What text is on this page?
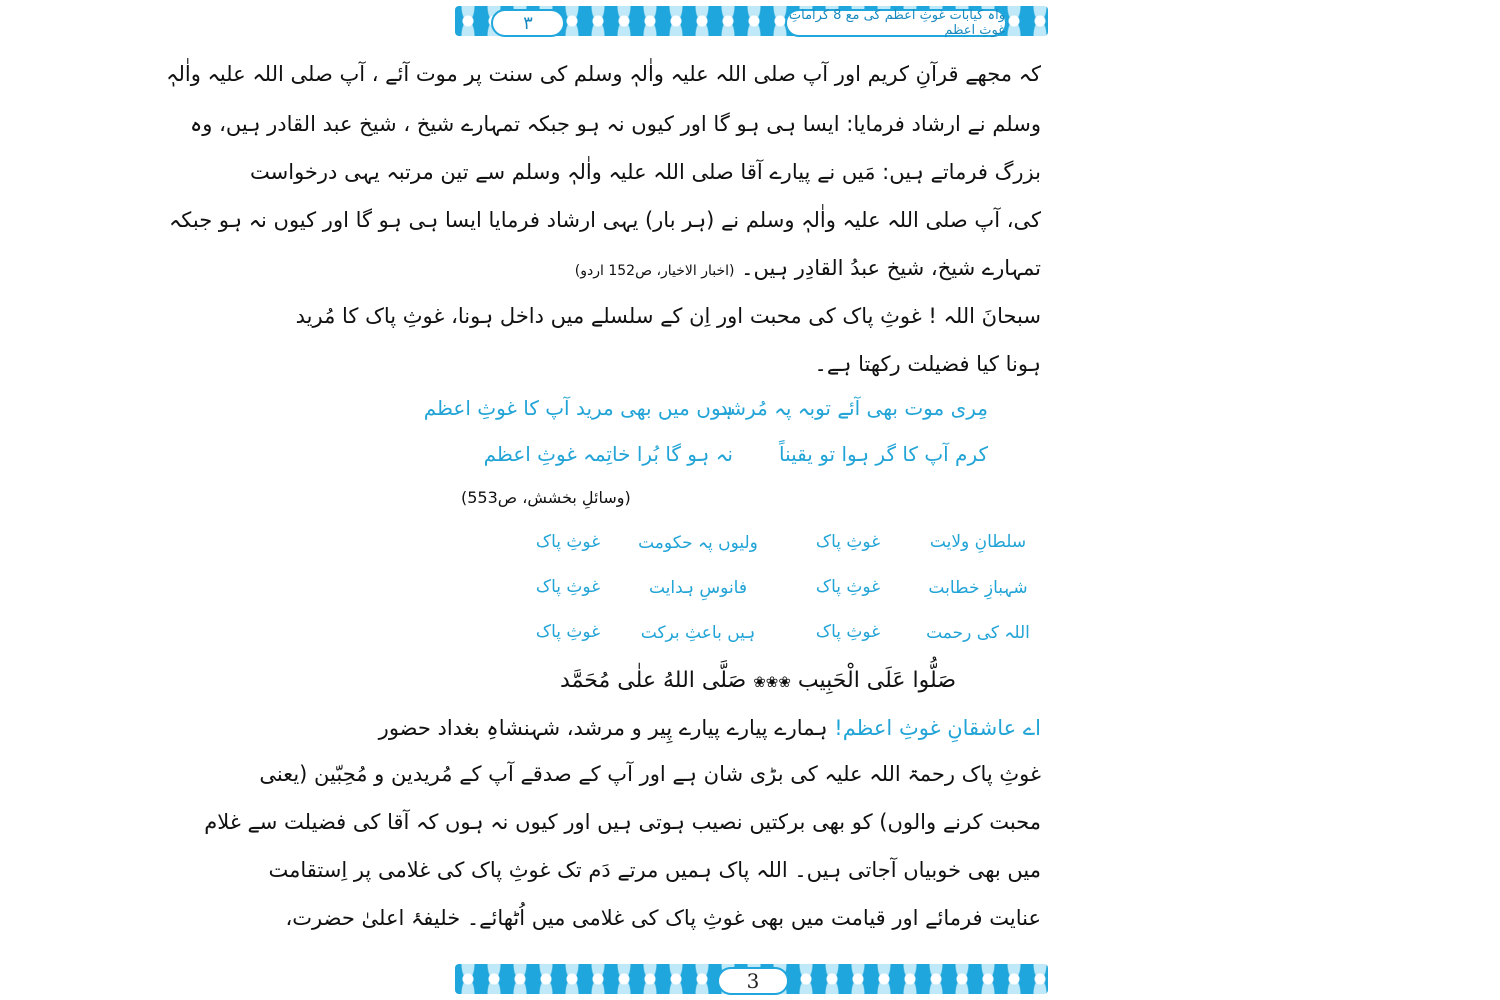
٣	واہ کیابات غوثِ اعظم کی مع 8 کراماتِ غوثِ اعظم
کہ مجھے قرآنِ کریم اور آپ صلی اللہ علیہ واٰلہٖ وسلم کی سنت پر موت آئے ، آپ صلی اللہ علیہ واٰلہٖ
وسلم نے ارشاد فرمایا: ایسا ہی ہو گا اور کیوں نہ ہو جبکہ تمہارے شیخ ، شیخ عبد القادر ہیں، وہ
بزرگ فرماتے ہیں: مَیں نے پیارے آقا صلی اللہ علیہ واٰلہٖ وسلم سے تین مرتبہ یہی درخواست
کی، آپ صلی اللہ علیہ واٰلہٖ وسلم نے (ہر بار) یہی ارشاد فرمایا ایسا ہی ہو گا اور کیوں نہ ہو جبکہ
تمہارے شیخ، شیخ عبدُ القادِر ہیں۔ (اخبار الاخیار، ص152 اردو)
سبحانَ اللہ ! غوثِ پاک کی محبت اور اِن کے سلسلے میں داخل ہونا، غوثِ پاک کا مُرید
ہونا کیا فضیلت رکھتا ہے۔
مِری موت بھی آئے توبہ پہ مُرشد
ہوں میں بھی مرید آپ کا غوثِ اعظم
کرم آپ کا گر ہوا تو یقیناً
نہ ہو گا بُرا خاتِمہ غوثِ اعظم
(وسائلِ بخشش، ص553)
سلطانِ ولایت
غوثِ پاک
ولیوں پہ حکومت
غوثِ پاک
شہبازِ خطابت
غوثِ پاک
فانوسِ ہدایت
غوثِ پاک
اللہ کی رحمت
غوثِ پاک
ہیں باعثِ برکت
غوثِ پاک
صَلُّوا عَلَى الْحَبِيب ❀❀❀ صَلَّى اللهُ علٰى مُحَمَّد
اے عاشقانِ غوثِ اعظم! ہمارے پیارے پیارے پِیر و مرشد، شہنشاہِ بغداد حضور
غوثِ پاک رحمۃ اللہ علیہ کی بڑی شان ہے اور آپ کے صدقے آپ کے مُریدین و مُحِبّین (یعنی
محبت کرنے والوں) کو بھی برکتیں نصیب ہوتی ہیں اور کیوں نہ ہوں کہ آقا کی فضیلت سے غلام
میں بھی خوبیاں آجاتی ہیں۔ اللہ پاک ہمیں مرتے دَم تک غوثِ پاک کی غلامی پر اِستقامت
عنایت فرمائے اور قیامت میں بھی غوثِ پاک کی غلامی میں اُٹھائے۔ خلیفۂ اعلیٰ حضرت،
3
